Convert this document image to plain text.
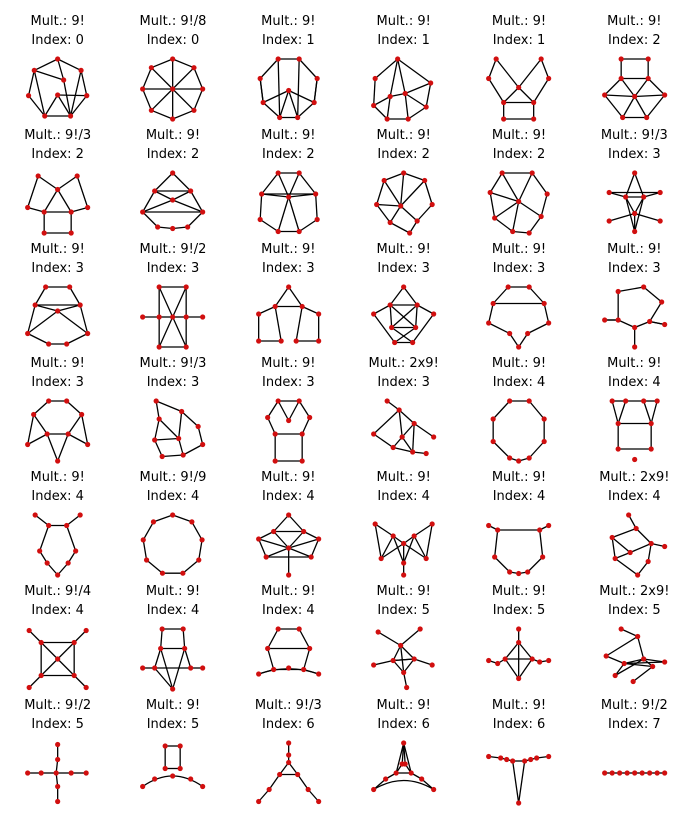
Mult.: 9!
Index: 0
Mult.: 9!/8
Index: 0
Mult.: 9!
Index: 1
Mult.: 9!
Index: 1
Mult.: 9!
Index: 1
Mult.: 9!
Index: 2
Mult.: 9!/3
Index: 2
Mult.: 9!
Index: 2
Mult.: 9!
Index: 2
Mult.: 9!
Index: 2
Mult.: 9!
Index: 2
Mult.: 9!/3
Index: 3
Mult.: 9!
Index: 3
Mult.: 9!/2
Index: 3
Mult.: 9!
Index: 3
Mult.: 9!
Index: 3
Mult.: 9!
Index: 3
Mult.: 9!
Index: 3
Mult.: 9!
Index: 3
Mult.: 9!/3
Index: 3
Mult.: 9!
Index: 3
Mult.: 2x9!
Index: 3
Mult.: 9!
Index: 4
Mult.: 9!
Index: 4
Mult.: 9!
Index: 4
Mult.: 9!/9
Index: 4
Mult.: 9!
Index: 4
Mult.: 9!
Index: 4
Mult.: 9!
Index: 4
Mult.: 2x9!
Index: 4
Mult.: 9!/4
Index: 4
Mult.: 9!
Index: 4
Mult.: 9!
Index: 4
Mult.: 9!
Index: 5
Mult.: 9!
Index: 5
Mult.: 2x9!
Index: 5
Mult.: 9!/2
Index: 5
Mult.: 9!
Index: 5
Mult.: 9!/3
Index: 6
Mult.: 9!
Index: 6
Mult.: 9!
Index: 6
Mult.: 9!/2
Index: 7
